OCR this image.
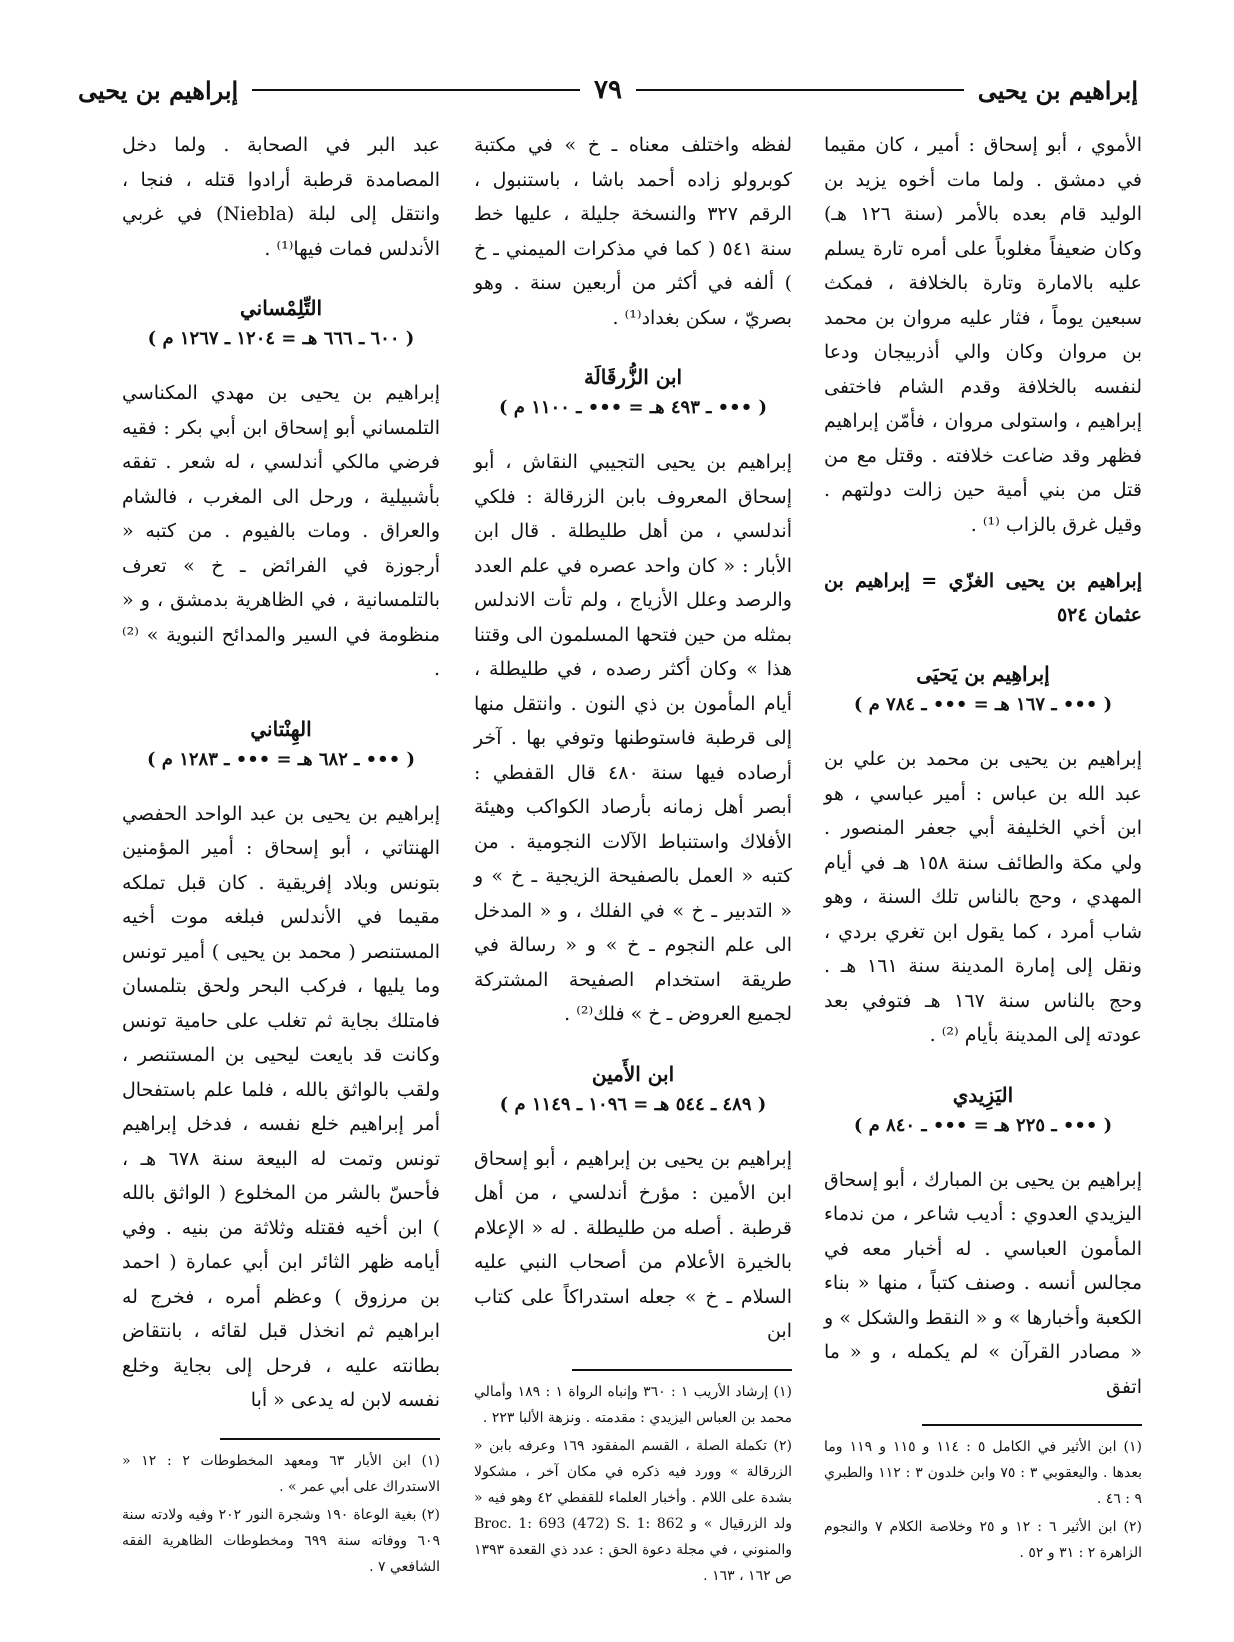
إبراهيم بن يحيى
٧٩
إبراهيم بن يحيى

الأموي ، أبو إسحاق : أمير ، كان مقيما في دمشق . ولما مات أخوه يزيد بن الوليد قام بعده بالأمر (سنة ١٢٦ هـ) وكان ضعيفاً مغلوباً على أمره تارة يسلم عليه بالامارة وتارة بالخلافة ، فمكث سبعين يوماً ، فثار عليه مروان بن محمد بن مروان وكان والي أذربيجان ودعا لنفسه بالخلافة وقدم الشام فاختفى إبراهيم ، واستولى مروان ، فأمّن إبراهيم فظهر وقد ضاعت خلافته . وقتل مع من قتل من بني أمية حين زالت دولتهم . وقيل غرق بالزاب ⁽¹⁾ .

إبراهيم بن يحيى الغزّي = إبراهيم بن عثمان ٥٢٤
إبراهِيم بن يَحيَى
( ••• ـ ١٦٧ هـ = ••• ـ ٧٨٤ م )

إبراهيم بن يحيى بن محمد بن علي بن عبد الله بن عباس : أمير عباسي ، هو ابن أخي الخليفة أبي جعفر المنصور . ولي مكة والطائف سنة ١٥٨ هـ في أيام المهدي ، وحج بالناس تلك السنة ، وهو شاب أمرد ، كما يقول ابن تغري بردي ، ونقل إلى إمارة المدينة سنة ١٦١ هـ . وحج بالناس سنة ١٦٧ هـ فتوفي بعد عودته إلى المدينة بأيام ⁽²⁾ .

اليَزِيدي
( ••• ـ ٢٢٥ هـ = ••• ـ ٨٤٠ م )

إبراهيم بن يحيى بن المبارك ، أبو إسحاق اليزيدي العدوي : أديب شاعر ، من ندماء المأمون العباسي . له أخبار معه في مجالس أنسه . وصنف كتباً ، منها « بناء الكعبة وأخبارها » و « النقط والشكل » و « مصادر القرآن » لم يكمله ، و « ما اتفق

(١) ابن الأثير في الكامل ٥ : ١١٤ و ١١٥ و ١١٩ وما بعدها . واليعقوبي ٣ : ٧٥ وابن خلدون ٣ : ١١٢ والطبري ٩ : ٤٦ .

(٢) ابن الأثير ٦ : ١٢ و ٢٥ وخلاصة الكلام ٧ والنجوم الزاهرة ٢ : ٣١ و ٥٢ .

لفظه واختلف معناه ـ خ » في مكتبة كوبرولو زاده أحمد باشا ، باستنبول ، الرقم ٣٢٧ والنسخة جليلة ، عليها خط سنة ٥٤١ ( كما في مذكرات الميمني ـ خ ) ألفه في أكثر من أربعين سنة . وهو بصريّ ، سكن بغداد⁽¹⁾ .

ابن الزُّرقَالَة
( ••• ـ ٤٩٣ هـ = ••• ـ ١١٠٠ م )

إبراهيم بن يحيى التجيبي النقاش ، أبو إسحاق المعروف بابن الزرقالة : فلكي أندلسي ، من أهل طليطلة . قال ابن الأبار : « كان واحد عصره في علم العدد والرصد وعلل الأزياج ، ولم تأت الاندلس بمثله من حين فتحها المسلمون الى وقتنا هذا » وكان أكثر رصده ، في طليطلة ، أيام المأمون بن ذي النون . وانتقل منها إلى قرطبة فاستوطنها وتوفي بها . آخر أرصاده فيها سنة ٤٨٠ قال القفطي : أبصر أهل زمانه بأرصاد الكواكب وهيئة الأفلاك واستنباط الآلات النجومية . من كتبه « العمل بالصفيحة الزيجية ـ خ » و « التدبير ـ خ » في الفلك ، و « المدخل الى علم النجوم ـ خ » و « رسالة في طريقة استخدام الصفيحة المشتركة لجميع العروض ـ خ » فلك⁽²⁾ .

ابن الأَمين
( ٤٨٩ ـ ٥٤٤ هـ = ١٠٩٦ ـ ١١٤٩ م )

إبراهيم بن يحيى بن إبراهيم ، أبو إسحاق ابن الأمين : مؤرخ أندلسي ، من أهل قرطبة . أصله من طليطلة . له « الإعلام بالخيرة الأعلام من أصحاب النبي عليه السلام ـ خ » جعله استدراكاً على كتاب ابن

(١) إرشاد الأريب ١ : ٣٦٠ وإنباه الرواة ١ : ١٨٩ وأمالي محمد بن العباس اليزيدي : مقدمته . ونزهة الألبا ٢٢٣ .

(٢) تكملة الصلة ، القسم المفقود ١٦٩ وعرفه بابن « الزرقالة » وورد فيه ذكره في مكان آخر ، مشكولا بشدة على اللام . وأخبار العلماء للقفطي ٤٢ وهو فيه « ولد الزرقيال » و Broc. 1: 693 (472) S. 1: 862 والمنوني ، في مجلة دعوة الحق : عدد ذي القعدة ١٣٩٣ ص ١٦٢ ، ١٦٣ .

عبد البر في الصحابة . ولما دخل المصامدة قرطبة أرادوا قتله ، فنجا ، وانتقل إلى لبلة (Niebla) في غربي الأندلس فمات فيها⁽¹⁾ .

التِّلِمْساني
( ٦٠٠ ـ ٦٦٦ هـ = ١٢٠٤ ـ ١٢٦٧ م )

إبراهيم بن يحيى بن مهدي المكناسي التلمساني أبو إسحاق ابن أبي بكر : فقيه فرضي مالكي أندلسي ، له شعر . تفقه بأشبيلية ، ورحل الى المغرب ، فالشام والعراق . ومات بالفيوم . من كتبه « أرجوزة في الفرائض ـ خ » تعرف بالتلمسانية ، في الظاهرية بدمشق ، و « منظومة في السير والمدائح النبوية » ⁽²⁾ .

الهِنْتاني
( ••• ـ ٦٨٢ هـ = ••• ـ ١٢٨٣ م )

إبراهيم بن يحيى بن عبد الواحد الحفصي الهنتاتي ، أبو إسحاق : أمير المؤمنين بتونس وبلاد إفريقية . كان قبل تملكه مقيما في الأندلس فبلغه موت أخيه المستنصر ( محمد بن يحيى ) أمير تونس وما يليها ، فركب البحر ولحق بتلمسان فامتلك بجاية ثم تغلب على حامية تونس وكانت قد بايعت ليحيى بن المستنصر ، ولقب بالواثق بالله ، فلما علم باستفحال أمر إبراهيم خلع نفسه ، فدخل إبراهيم تونس وتمت له البيعة سنة ٦٧٨ هـ ، فأحسّ بالشر من المخلوع ( الواثق بالله ) ابن أخيه فقتله وثلاثة من بنيه . وفي أيامه ظهر الثائر ابن أبي عمارة ( احمد بن مرزوق ) وعظم أمره ، فخرج له ابراهيم ثم انخذل قبل لقائه ، بانتقاض بطانته عليه ، فرحل إلى بجاية وخلع نفسه لابن له يدعى « أبا

(١) ابن الأبار ٦٣ ومعهد المخطوطات ٢ : ١٢ « الاستدراك على أبي عمر » .

(٢) بغية الوعاة ١٩٠ وشجرة النور ٢٠٢ وفيه ولادته سنة ٦٠٩ ووفاته سنة ٦٩٩ ومخطوطات الظاهرية الفقه الشافعي ٧ .
